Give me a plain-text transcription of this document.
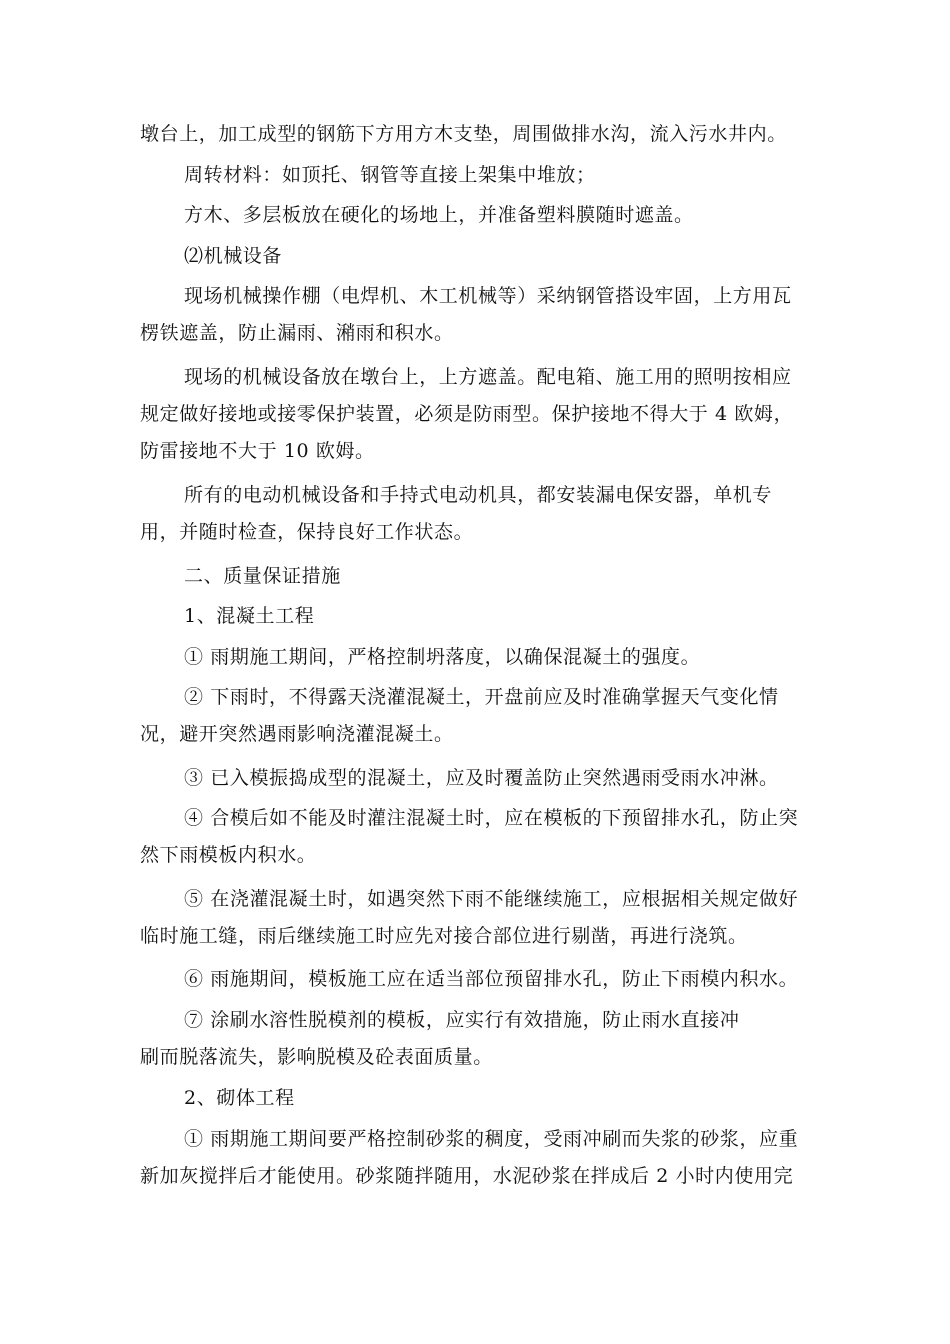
墩台上，加工成型的钢筋下方用方木支垫，周围做排水沟，流入污水井内。
周转材料：如顶托、钢管等直接上架集中堆放；
方木、多层板放在硬化的场地上，并准备塑料膜随时遮盖。
⑵机械设备
现场机械操作棚（电焊机、木工机械等）采纳钢管搭设牢固，上方用瓦
楞铁遮盖，防止漏雨、潲雨和积水。
现场的机械设备放在墩台上，上方遮盖。配电箱、施工用的照明按相应
规定做好接地或接零保护装置，必须是防雨型。保护接地不得大于 4 欧姆，
防雷接地不大于 10 欧姆。
所有的电动机械设备和手持式电动机具，都安装漏电保安器，单机专
用，并随时检查，保持良好工作状态。
二、质量保证措施
1、混凝土工程
① 雨期施工期间，严格控制坍落度，以确保混凝土的强度。
② 下雨时，不得露天浇灌混凝土，开盘前应及时准确掌握天气变化情
况，避开突然遇雨影响浇灌混凝土。
③ 已入模振捣成型的混凝土，应及时覆盖防止突然遇雨受雨水冲淋。
④ 合模后如不能及时灌注混凝土时，应在模板的下预留排水孔，防止突
然下雨模板内积水。
⑤ 在浇灌混凝土时，如遇突然下雨不能继续施工，应根据相关规定做好
临时施工缝，雨后继续施工时应先对接合部位进行剔凿，再进行浇筑。
⑥ 雨施期间，模板施工应在适当部位预留排水孔，防止下雨模内积水。
⑦ 涂刷水溶性脱模剂的模板，应实行有效措施，防止雨水直接冲
刷而脱落流失，影响脱模及砼表面质量。
2、砌体工程
① 雨期施工期间要严格控制砂浆的稠度，受雨冲刷而失浆的砂浆，应重
新加灰搅拌后才能使用。砂浆随拌随用，水泥砂浆在拌成后 2 小时内使用完
